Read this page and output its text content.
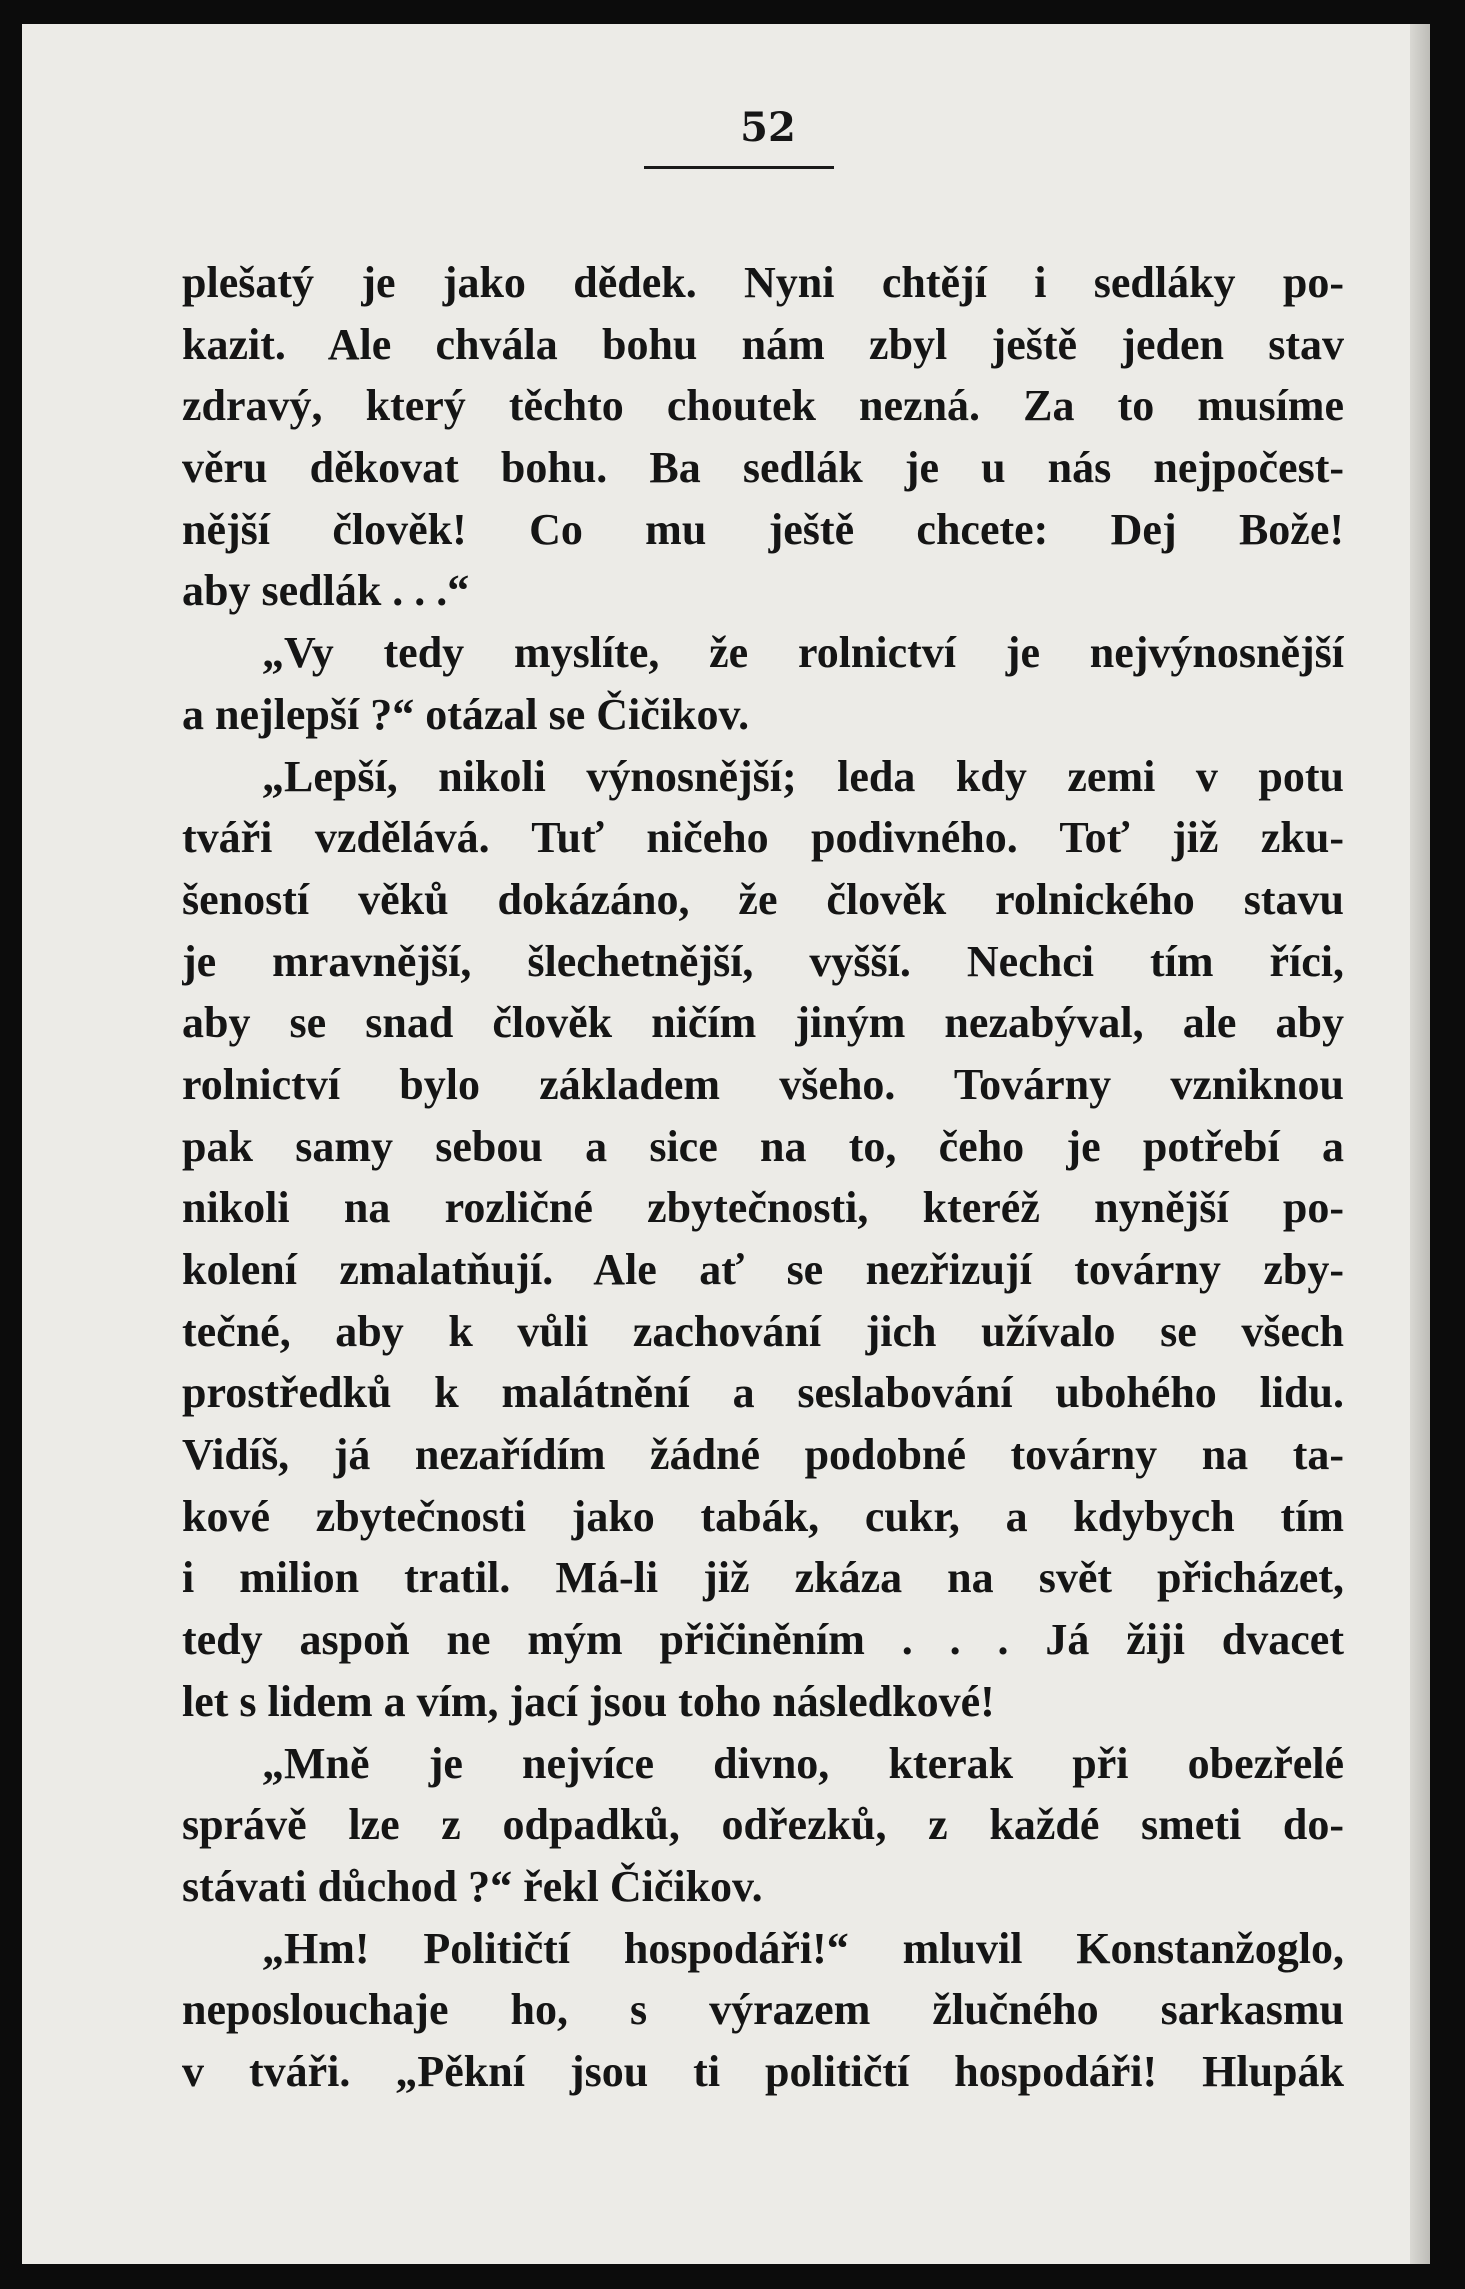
52
plešatý je jako dědek. Nyni chtějí i sedláky po-
kazit. Ale chvála bohu nám zbyl ještě jeden stav
zdravý, který těchto choutek nezná. Za to musíme
věru děkovat bohu. Ba sedlák je u nás nejpočest-
nější člověk! Co mu ještě chcete: Dej Bože!
aby sedlák . . .“
„Vy tedy myslíte, že rolnictví je nejvýnosnější
a nejlepší ?“ otázal se Čičikov.
„Lepší, nikoli výnosnější; leda kdy zemi v potu
tváři vzdělává. Tuť ničeho podivného. Toť již zku-
šeností věků dokázáno, že člověk rolnického stavu
je mravnější, šlechetnější, vyšší. Nechci tím říci,
aby se snad člověk ničím jiným nezabýval, ale aby
rolnictví bylo základem všeho. Továrny vzniknou
pak samy sebou a sice na to, čeho je potřebí a
nikoli na rozličné zbytečnosti, kteréž nynější po-
kolení zmalatňují. Ale ať se nezřizují továrny zby-
tečné, aby k vůli zachování jich užívalo se všech
prostředků k malátnění a seslabování ubohého lidu.
Vidíš, já nezařídím žádné podobné továrny na ta-
kové zbytečnosti jako tabák, cukr, a kdybych tím
i milion tratil. Má-li již zkáza na svět přicházet,
tedy aspoň ne mým přičiněním . . . Já žiji dvacet
let s lidem a vím, jací jsou toho následkové!
„Mně je nejvíce divno, kterak při obezřelé
správě lze z odpadků, odřezků, z každé smeti do-
stávati důchod ?“ řekl Čičikov.
„Hm! Političtí hospodáři!“ mluvil Konstanžoglo,
neposlouchaje ho, s výrazem žlučného sarkasmu
v tváři. „Pěkní jsou ti političtí hospodáři! Hlupák
